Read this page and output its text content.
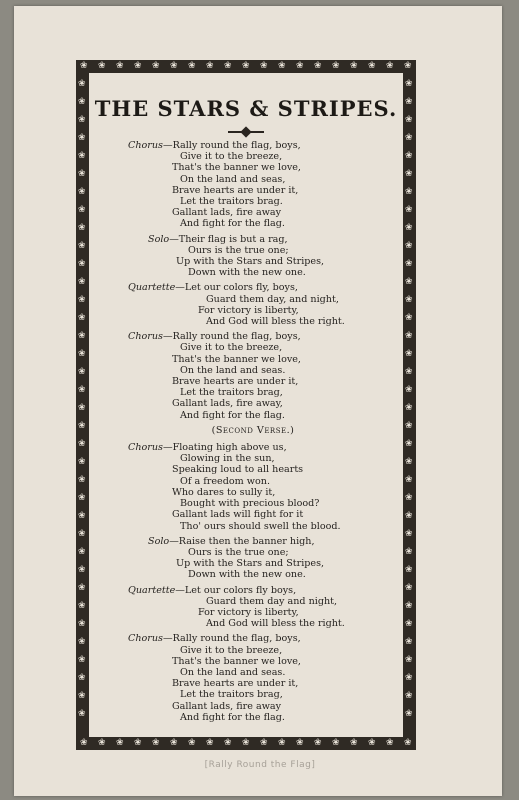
❀
❀
❀
❀
❀
❀
❀
❀
❀
❀
❀
❀
❀
❀
❀
❀
❀
❀
❀
❀
❀
❀
❀
❀
❀
❀
❀
❀
❀
❀
❀
❀
❀
❀
❀
❀
❀
❀
❀	❀
❀	❀
❀	❀
❀	❀
❀	❀
❀	❀
❀	❀
❀	❀
❀	❀
❀	❀
❀	❀
❀	❀
❀	❀
❀	❀
❀	❀
❀	❀
❀	❀
❀	❀
❀	❀
❀	❀
❀	❀
❀	❀
❀	❀
❀	❀
❀	❀
❀	❀
❀	❀
❀	❀
❀	❀
❀	❀
❀	❀
❀	❀
❀	❀
❀	❀
❀	❀
❀	❀
THE STARS & STRIPES.
Chorus—Rally round the flag, boys,
Give it to the breeze,
That's the banner we love,
On the land and seas,
Brave hearts are under it,
Let the traitors brag.
Gallant lads, fire away
And fight for the flag.
Solo—Their flag is but a rag,
Ours is the true one;
Up with the Stars and Stripes,
Down with the new one.
Quartette—Let our colors fly, boys,
Guard them day, and night,
For victory is liberty,
And God will bless the right.
Chorus—Rally round the flag, boys,
Give it to the breeze,
That's the banner we love,
On the land and seas.
Brave hearts are under it,
Let the traitors brag,
Gallant lads, fire away,
And fight for the flag.
(Second Verse.)
Chorus—Floating high above us,
Glowing in the sun,
Speaking loud to all hearts
Of a freedom won.
Who dares to sully it,
Bought with precious blood?
Gallant lads will fight for it
Tho' ours should swell the blood.
Solo—Raise then the banner high,
Ours is the true one;
Up with the Stars and Stripes,
Down with the new one.
Quartette—Let our colors fly boys,
Guard them day and night,
For victory is liberty,
And God will bless the right.
Chorus—Rally round the flag, boys,
Give it to the breeze,
That's the banner we love,
On the land and seas.
Brave hearts are under it,
Let the traitors brag,
Gallant lads, fire away
And fight for the flag.
[Rally Round the Flag]
